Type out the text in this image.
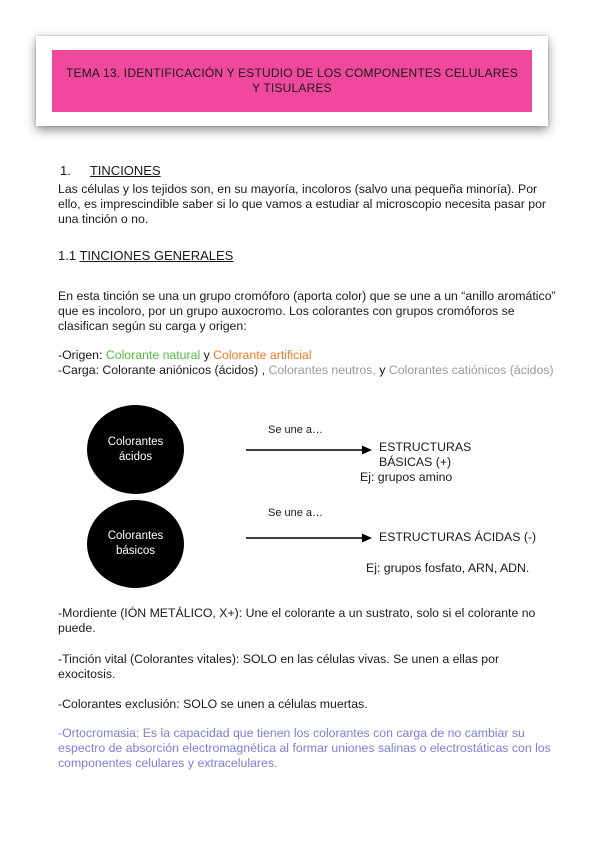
TEMA 13. IDENTIFICACIÓN Y ESTUDIO DE LOS COMPONENTES CELULARES Y TISULARES
1. TINCIONES
Las células y los tejidos son, en su mayoría, incoloros (salvo una pequeña minoría). Por ello, es imprescindible saber si lo que vamos a estudiar al microscopio necesita pasar por una tinción o no.
1.1 TINCIONES GENERALES
En esta tinción se una un grupo cromóforo (aporta color) que se une a un “anillo aromático” que es incoloro, por un grupo auxocromo. Los colorantes con grupos cromóforos se clasifican según su carga y origen:
-Origen: Colorante natural y Colorante artificial
-Carga: Colorante aniónicos (ácidos) , Colorantes neutros, y Colorantes catiónicos (ácidos)
Colorantes
ácidos
Colorantes
básicos
Se une a…
Se une a…
ESTRUCTURAS
BÁSICAS (+)
Ej: grupos amino
ESTRUCTURAS ÁCIDAS (-)
Ej: grupos fosfato, ARN, ADN.
-Mordiente (IÓN METÁLICO, X+): Une el colorante a un sustrato, solo si el colorante no puede.
-Tinción vital (Colorantes vitales): SOLO en las células vivas. Se unen a ellas por exocitosis.
-Colorantes exclusión: SOLO se unen a células muertas.
-Ortocromasia: Es la capacidad que tienen los colorantes con carga de no cambiar su espectro de absorción electromagnética al formar uniones salinas o electrostáticas con los componentes celulares y extracelulares.
